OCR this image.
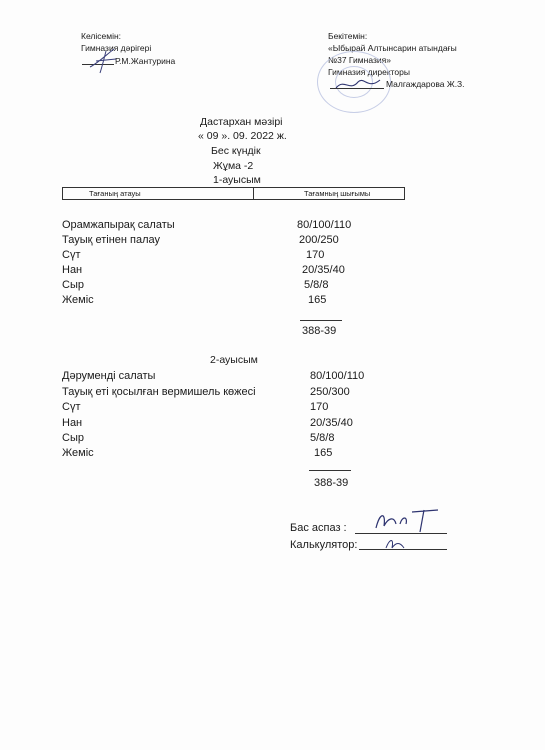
Келісемін:
Гимназия дәрігері
Р.М.Жантурина
Бекітемін:
«Ыбырай Алтынсарин атындағы
№37 Гимназия»
Гимназия директоры
Малгаждарова Ж.З.
Дастархан мәзірі
« 09 ». 09. 2022 ж.
Бес күндік
Жұма -2
1-ауысым
Тағаның атауы	Тағамның шығымы
Орамжапырақ салаты	80/100/110
Тауық етінен палау	200/250
Сүт	170
Нан	20/35/40
Сыр	5/8/8
Жеміс	165
388-39
2-ауысым
Дәруменді салаты	80/100/110
Тауық еті қосылған вермишель көжесі	250/300
Сүт	170
Нан	20/35/40
Сыр	5/8/8
Жеміс	165
388-39
Бас аспаз :
Калькулятор:
